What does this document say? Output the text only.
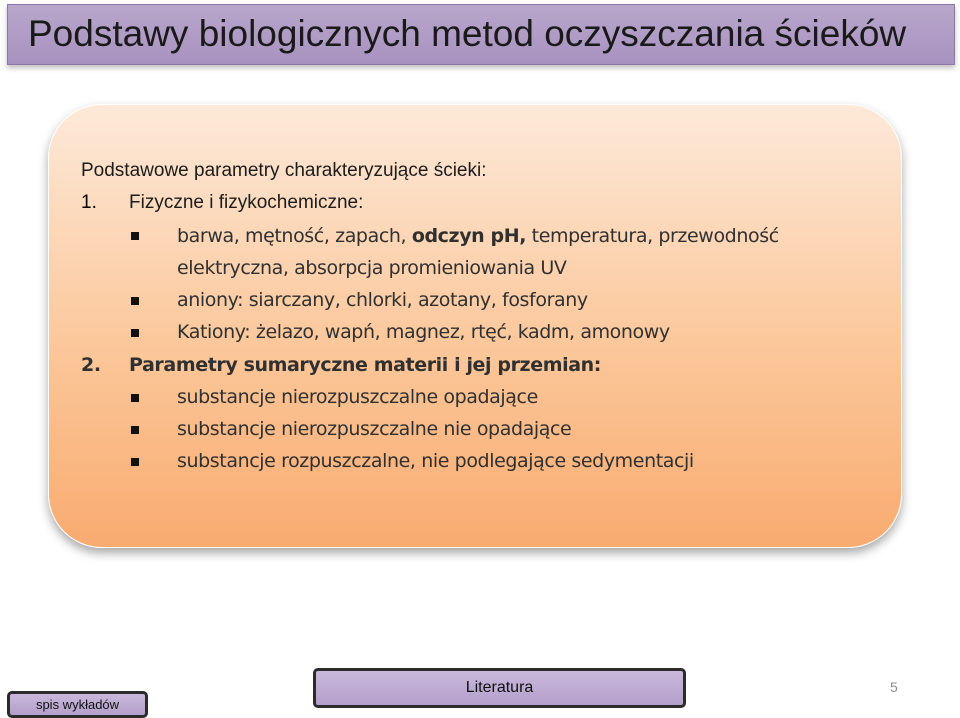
Podstawy biologicznych metod oczyszczania ścieków
Podstawowe parametry charakteryzujące ścieki:
1. Fizyczne i fizykochemiczne:
barwa, mętność, zapach, odczyn pH, temperatura, przewodność
elektryczna, absorpcja promieniowania UV
aniony: siarczany, chlorki, azotany, fosforany
Kationy: żelazo, wapń, magnez, rtęć, kadm, amonowy
2. Parametry sumaryczne materii i jej przemian:
substancje nierozpuszczalne opadające
substancje nierozpuszczalne nie opadające
substancje rozpuszczalne, nie podlegające sedymentacji
spis wykładów
Literatura	5
